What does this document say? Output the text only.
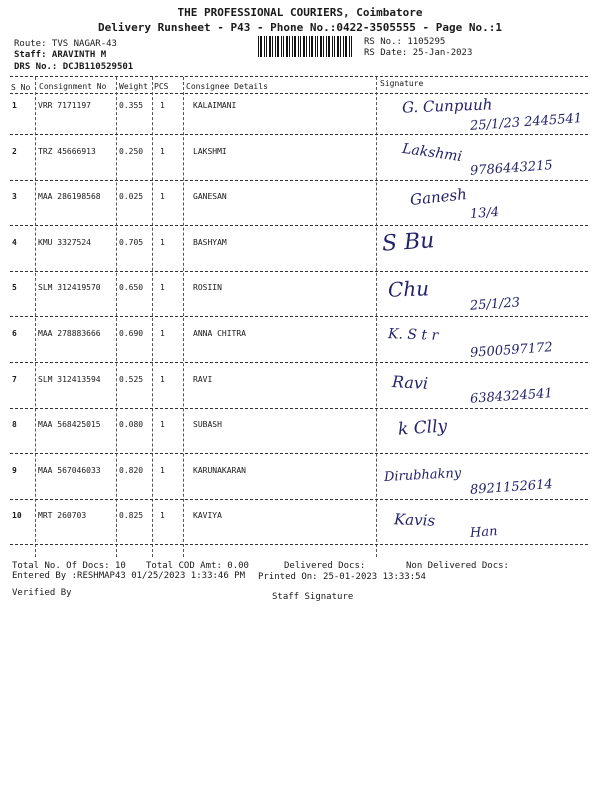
THE PROFESSIONAL COURIERS, Coimbatore
Delivery Runsheet - P43 - Phone No.:0422-3505555 - Page No.:1
Route: TVS NAGAR-43
Staff: ARAVINTH M
DRS No.: DCJB110529501
RS No.: 1105295
RS Date: 25-Jan-2023
S No Consignment No Weight PCS Consignee Details	Signature
1	VRR 7171197	0.355 1	KALAIMANI	G. Cunpuuh
25/1/23 2445541
2	TRZ 45666913	0.250 1	LAKSHMI	Lakshmi
9786443215
3	MAA 286198568 0.025 1	GANESAN	Ganesh
13/4
4	KMU 3327524	0.705 1	BASHYAM	S Bu
5	SLM 312419570 0.650 1	ROSIIN	Chu
25/1/23
6	MAA 278883666 0.690 1	ANNA CHITRA	K. S t r
9500597172
7	SLM 312413594 0.525 1	RAVI	Ravi
6384324541
8	MAA 568425015 0.080 1	SUBASH	k Clly
9	MAA 567046033 0.820 1	KARUNAKARAN	Dirubhakny
8921152614
10 MRT 260703	0.825 1	KAVIYA	Kavis
Han
Total No. Of Docs: 10 Total COD Amt: 0.00	Delivered Docs:	Non Delivered Docs:
Entered By :RESHMAP43 01/25/2023 1:33:46 PM Printed On: 25-01-2023 13:33:54
Verified By	Staff Signature
